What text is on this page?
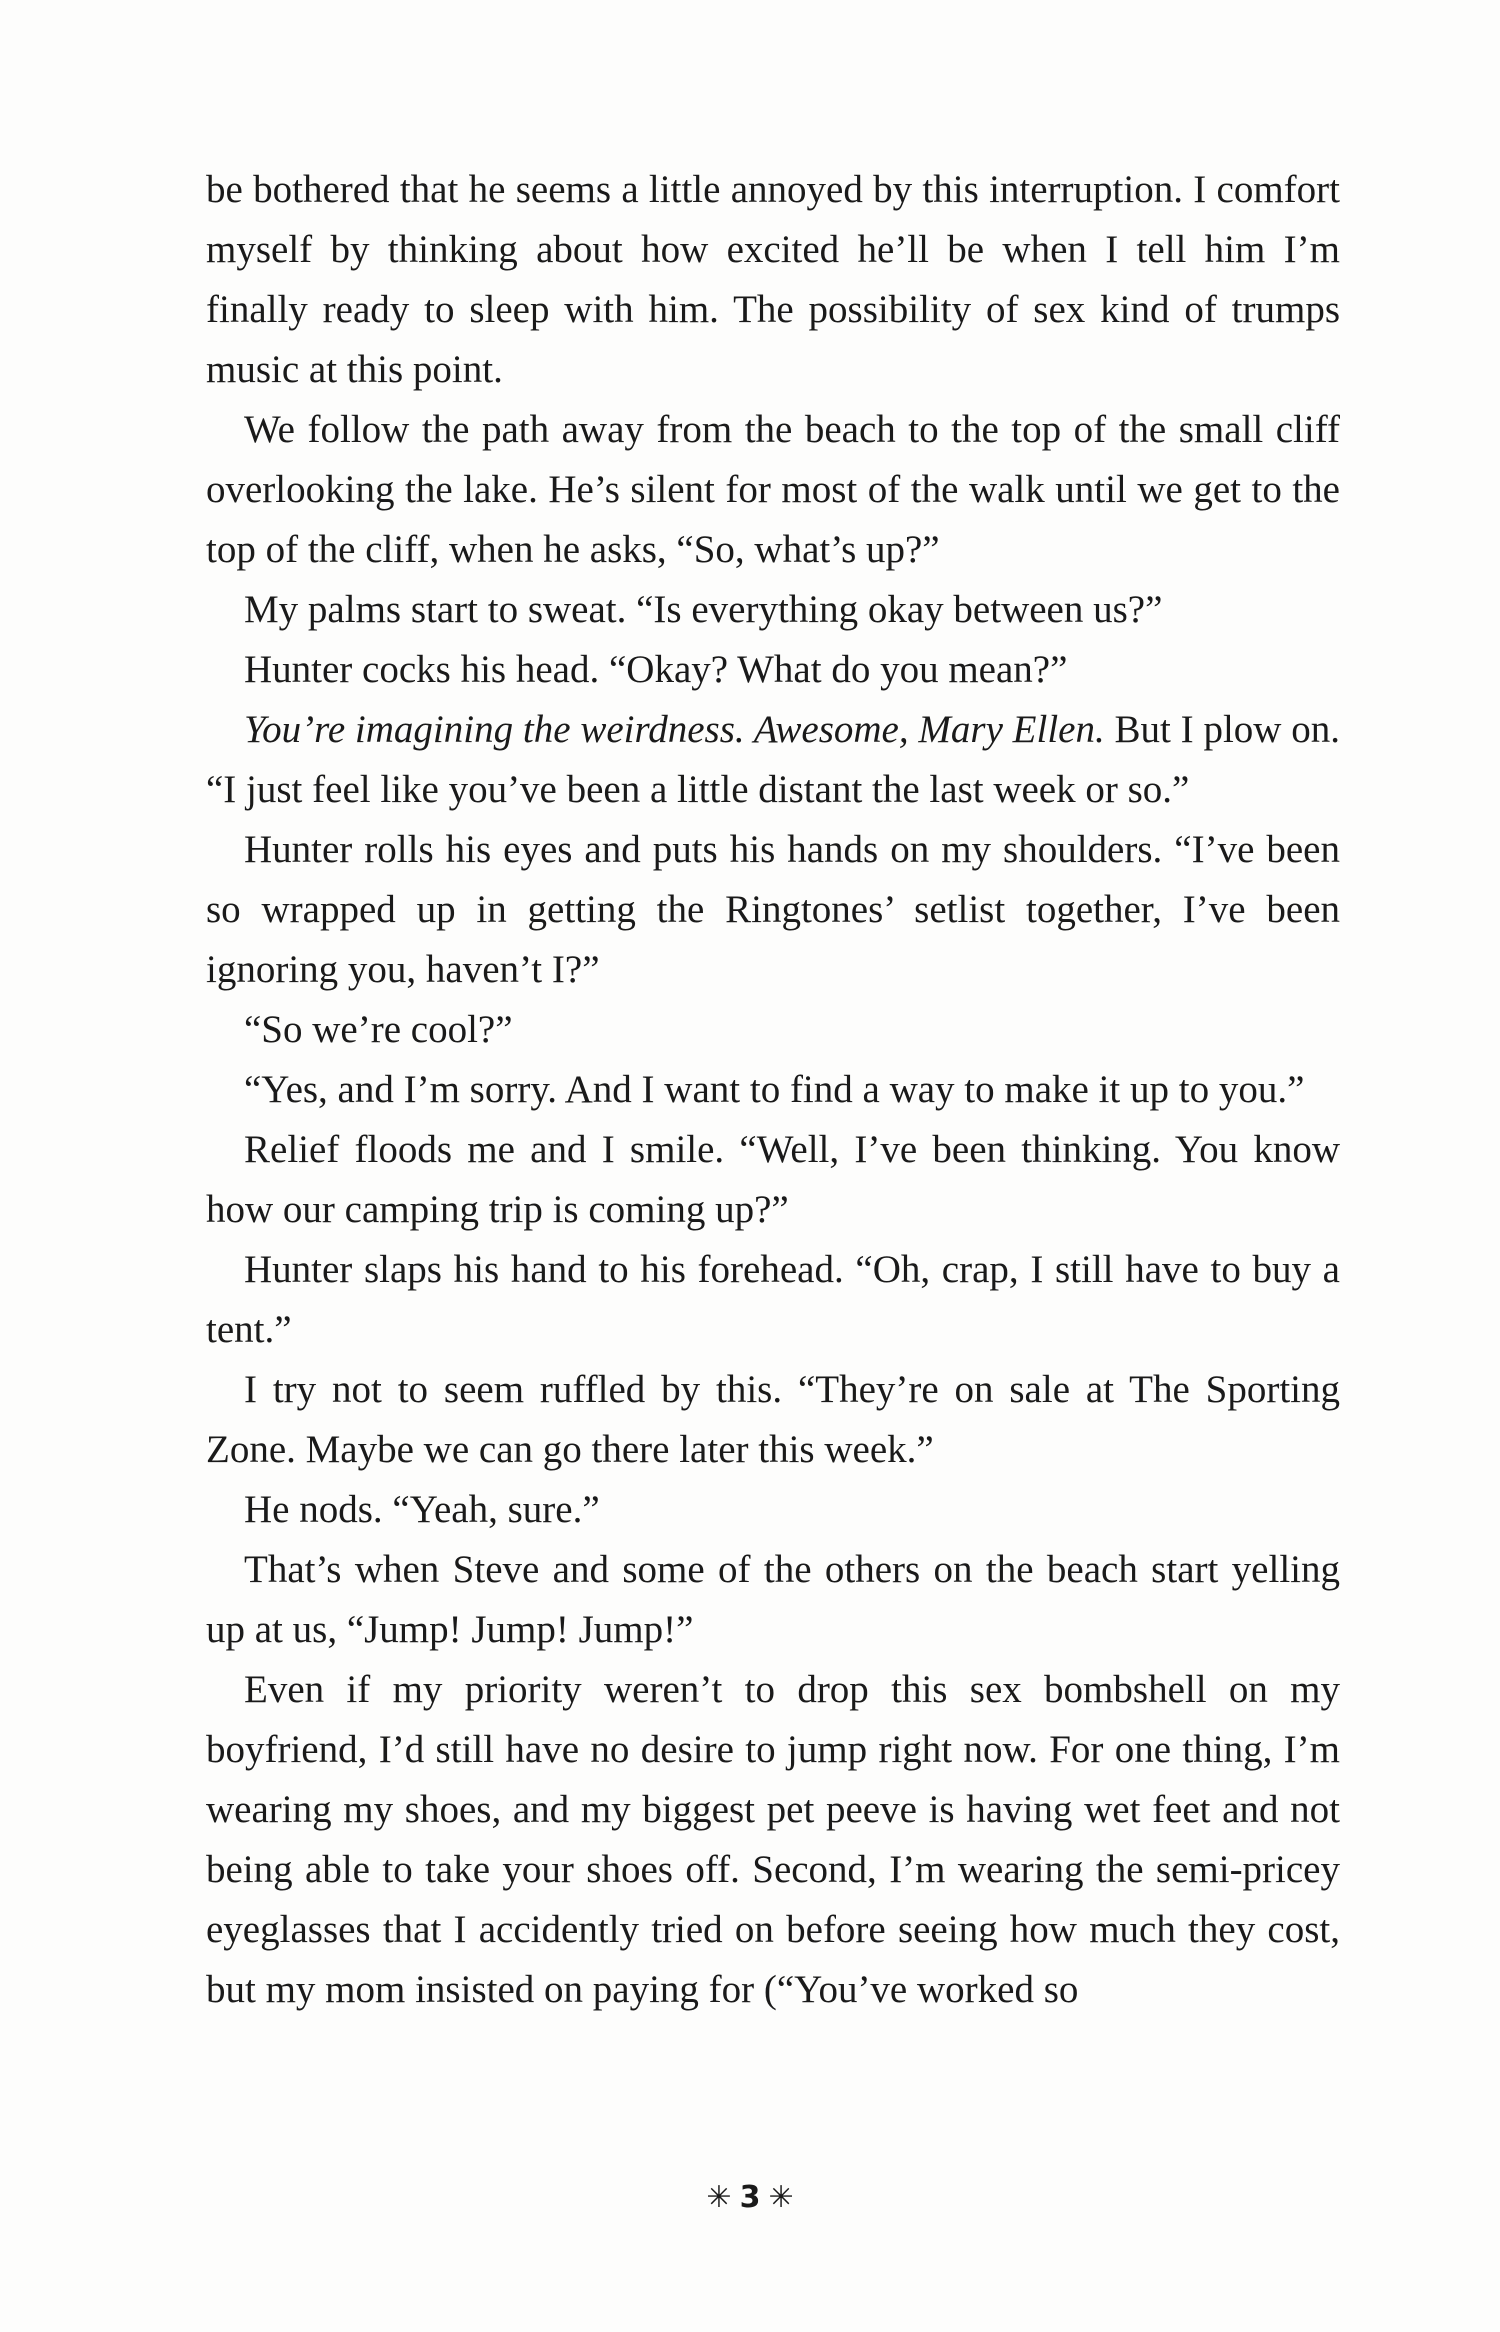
be bothered that he seems a little annoyed by this interruption. I comfort myself by thinking about how excited he’ll be when I tell him I’m finally ready to sleep with him. The possibility of sex kind of trumps music at this point.

We follow the path away from the beach to the top of the small cliff overlooking the lake. He’s silent for most of the walk until we get to the top of the cliff, when he asks, “So, what’s up?”

My palms start to sweat. “Is everything okay between us?”

Hunter cocks his head. “Okay? What do you mean?”

You’re imagining the weirdness. Awesome, Mary Ellen. But I plow on. “I just feel like you’ve been a little distant the last week or so.”

Hunter rolls his eyes and puts his hands on my shoulders. “I’ve been so wrapped up in getting the Ringtones’ setlist together, I’ve been ignoring you, haven’t I?”

“So we’re cool?”

“Yes, and I’m sorry. And I want to find a way to make it up to you.”

Relief floods me and I smile. “Well, I’ve been thinking. You know how our camping trip is coming up?”

Hunter slaps his hand to his forehead. “Oh, crap, I still have to buy a tent.”

I try not to seem ruffled by this. “They’re on sale at The Sporting Zone. Maybe we can go there later this week.”

He nods. “Yeah, sure.”

That’s when Steve and some of the others on the beach start yelling up at us, “Jump! Jump! Jump!”

Even if my priority weren’t to drop this sex bombshell on my boyfriend, I’d still have no desire to jump right now. For one thing, I’m wearing my shoes, and my biggest pet peeve is having wet feet and not being able to take your shoes off. Second, I’m wearing the semi-pricey eyeglasses that I accidently tried on before seeing how much they cost, but my mom insisted on paying for (“You’ve worked so

✳ 3 ✳
